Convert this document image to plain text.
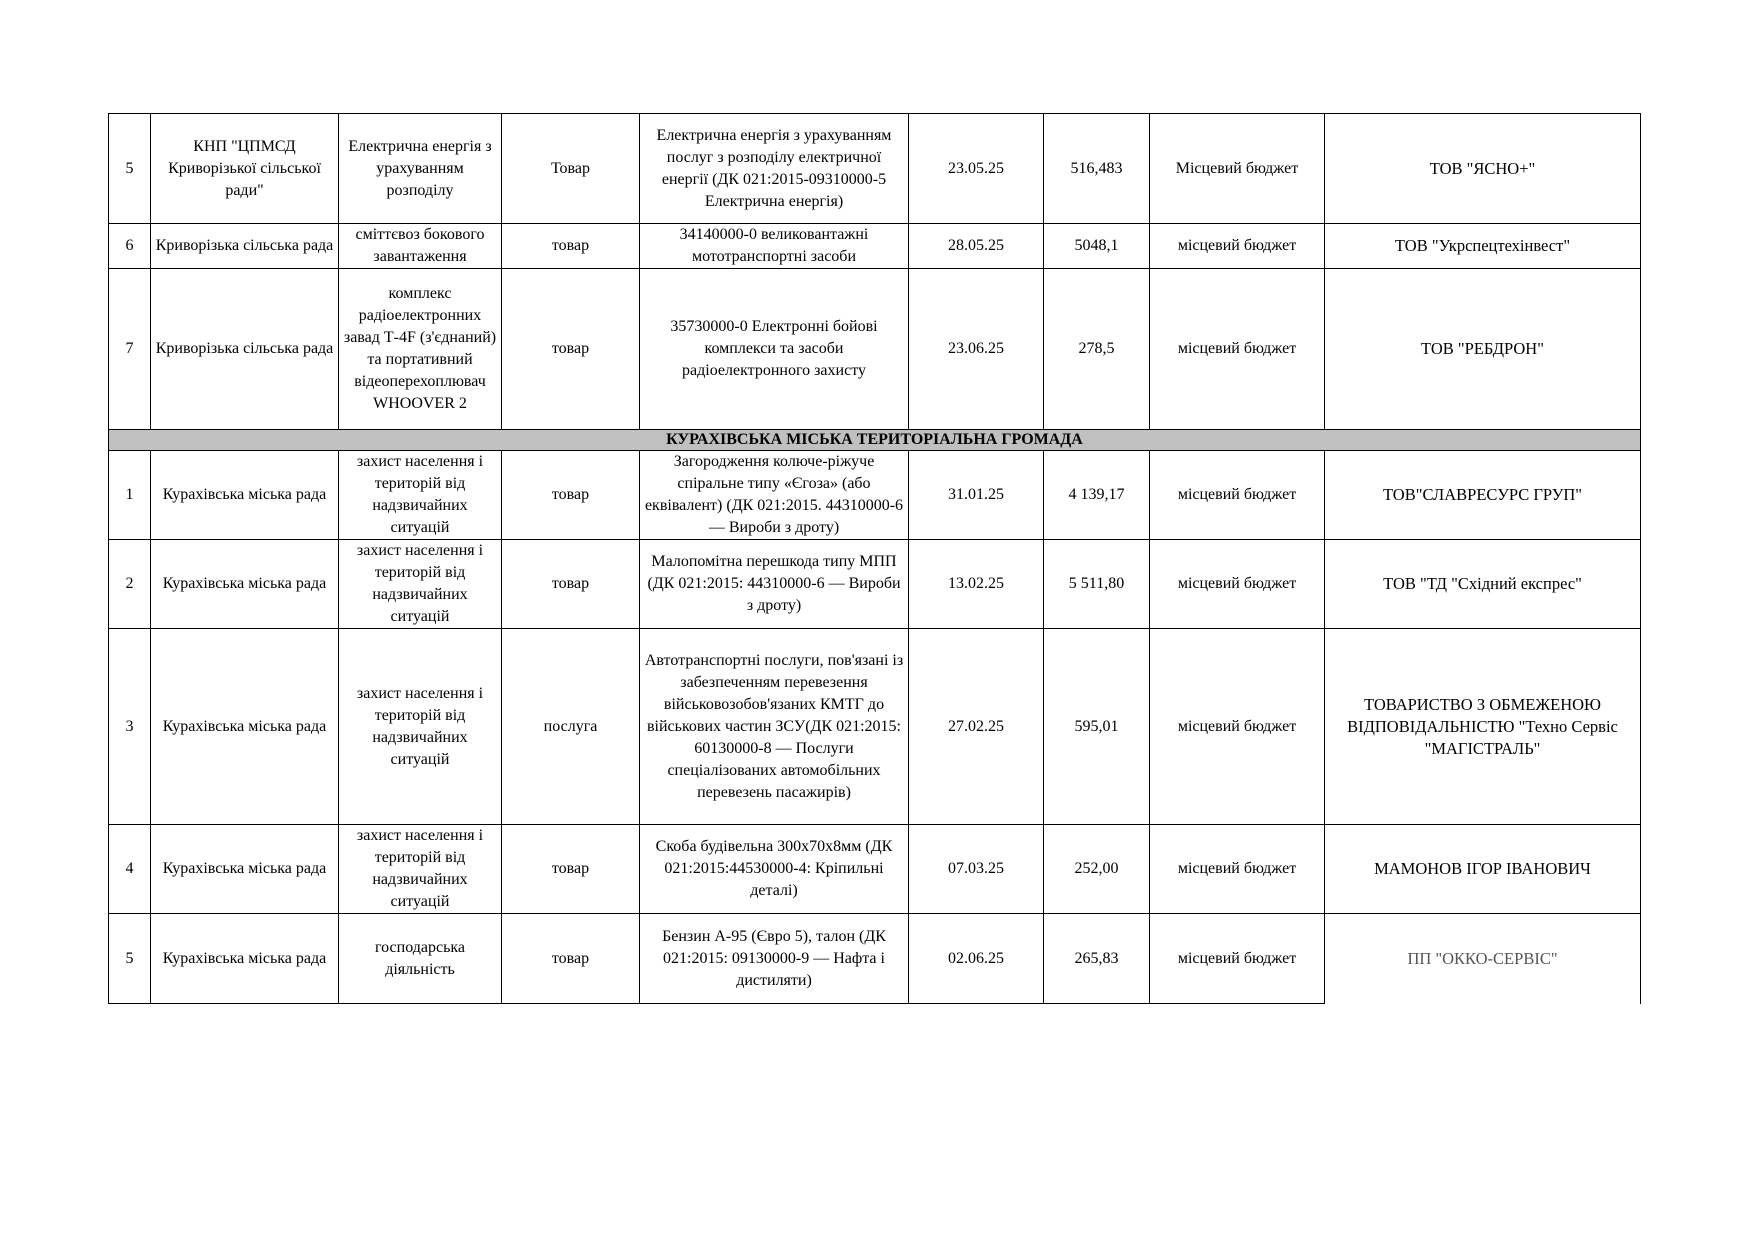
5	КНП "ЦПМСД Криворізької сільської ради"	Електрична енергія з урахуванням розподілу	Товар	Електрична енергія з урахуванням послуг з розподілу електричної енергії (ДК 021:2015-09310000-5 Електрична енергія)	23.05.25	516,483	Місцевий бюджет	ТОВ "ЯСНО+"
6	Криворізька сільська рада	сміттєвоз бокового завантаження	товар	34140000-0 великовантажні мототранспортні засоби	28.05.25	5048,1	місцевий бюджет	ТОВ "Укрспецтехінвест"
7	Криворізька сільська рада	комплекс радіоелектронних завад Т-4F (з'єднаний) та портативний відеоперехоплювач WHOOVER 2	товар	35730000-0 Електронні бойові комплекси та засоби радіоелектронного захисту	23.06.25	278,5	місцевий бюджет	ТОВ "РЕБДРОН"
КУРАХІВСЬКА МІСЬКА ТЕРИТОРІАЛЬНА ГРОМАДА								
1	Курахівська міська рада	захист населення і територій від надзвичайних ситуацій	товар	Загородження колюче-ріжуче спіральне типу «Єгоза» (або еквівалент) (ДК 021:2015. 44310000-6 — Вироби з дроту)	31.01.25	4 139,17	місцевий бюджет	ТОВ"СЛАВРЕСУРС ГРУП"
2	Курахівська міська рада	захист населення і територій від надзвичайних ситуацій	товар	Малопомітна перешкода типу МПП (ДК 021:2015: 44310000-6 — Вироби з дроту)	13.02.25	5 511,80	місцевий бюджет	ТОВ "ТД "Східний експрес"
3	Курахівська міська рада	захист населення і територій від надзвичайних ситуацій	послуга	Автотранспортні послуги, пов'язані із забезпеченням перевезення військовозобов'язаних КМТГ до військових частин ЗСУ(ДК 021:2015: 60130000-8 — Послуги спеціалізованих автомобільних перевезень пасажирів)	27.02.25	595,01	місцевий бюджет	ТОВАРИСТВО З ОБМЕЖЕНОЮ ВІДПОВІДАЛЬНІСТЮ "Техно Сервіс "МАГІСТРАЛЬ"
4	Курахівська міська рада	захист населення і територій від надзвичайних ситуацій	товар	Скоба будівельна 300х70х8мм (ДК 021:2015:44530000-4: Кріпильні деталі)	07.03.25	252,00	місцевий бюджет	МАМОНОВ ІГОР ІВАНОВИЧ
5	Курахівська міська рада	господарська діяльність	товар	Бензин А-95 (Євро 5), талон (ДК 021:2015: 09130000-9 — Нафта і дистиляти)	02.06.25	265,83	місцевий бюджет	ПП "ОККО-СЕРВІС"
